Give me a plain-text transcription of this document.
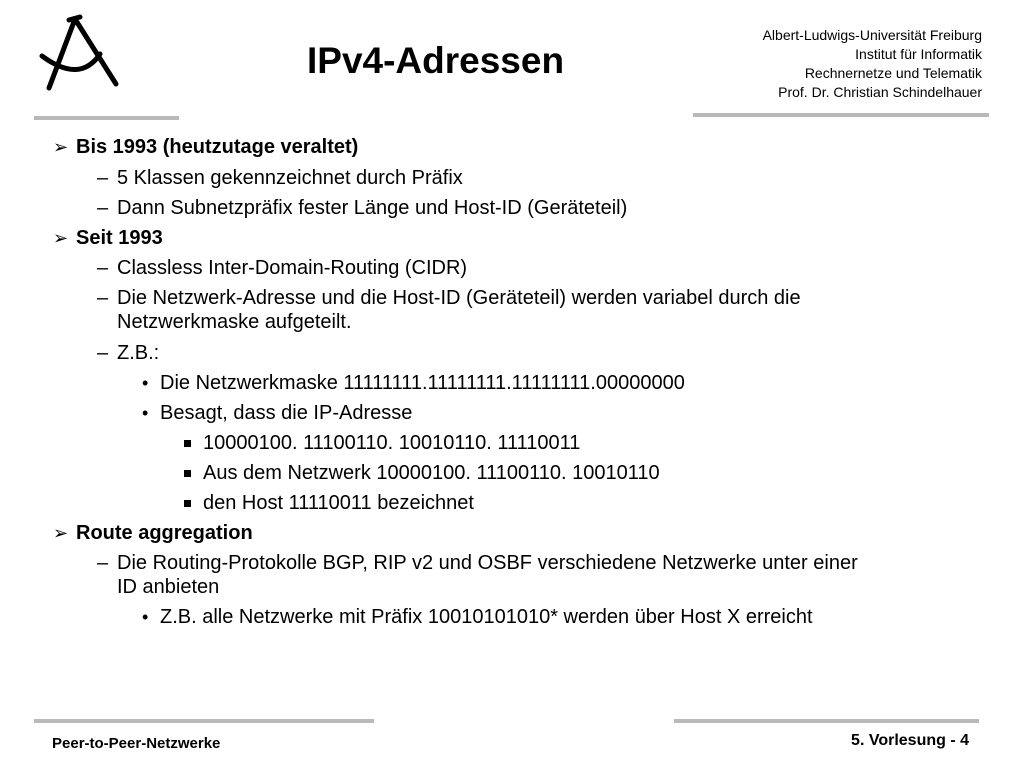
IPv4-Adressen
Albert-Ludwigs-Universität Freiburg
Institut für Informatik
Rechnernetze und Telematik
Prof. Dr. Christian Schindelhauer
➢ Bis 1993 (heutzutage veraltet)
– 5 Klassen gekennzeichnet durch Präfix
– Dann Subnetzpräfix fester Länge und Host-ID (Geräteteil)
➢ Seit 1993
– Classless Inter-Domain-Routing (CIDR)
– Die Netzwerk-Adresse und die Host-ID (Geräteteil) werden variabel durch die
Netzwerkmaske aufgeteilt.
– Z.B.:
• Die Netzwerkmaske 11111111.11111111.11111111.00000000
• Besagt, dass die IP-Adresse
10000100. 11100110. 10010110. 11110011
Aus dem Netzwerk 10000100. 11100110. 10010110
den Host 11110011 bezeichnet
➢ Route aggregation
– Die Routing-Protokolle BGP, RIP v2 und OSBF verschiedene Netzwerke unter einer
ID anbieten
• Z.B. alle Netzwerke mit Präfix 10010101010* werden über Host X erreicht
Peer-to-Peer-Netzwerke	5. Vorlesung - 4
